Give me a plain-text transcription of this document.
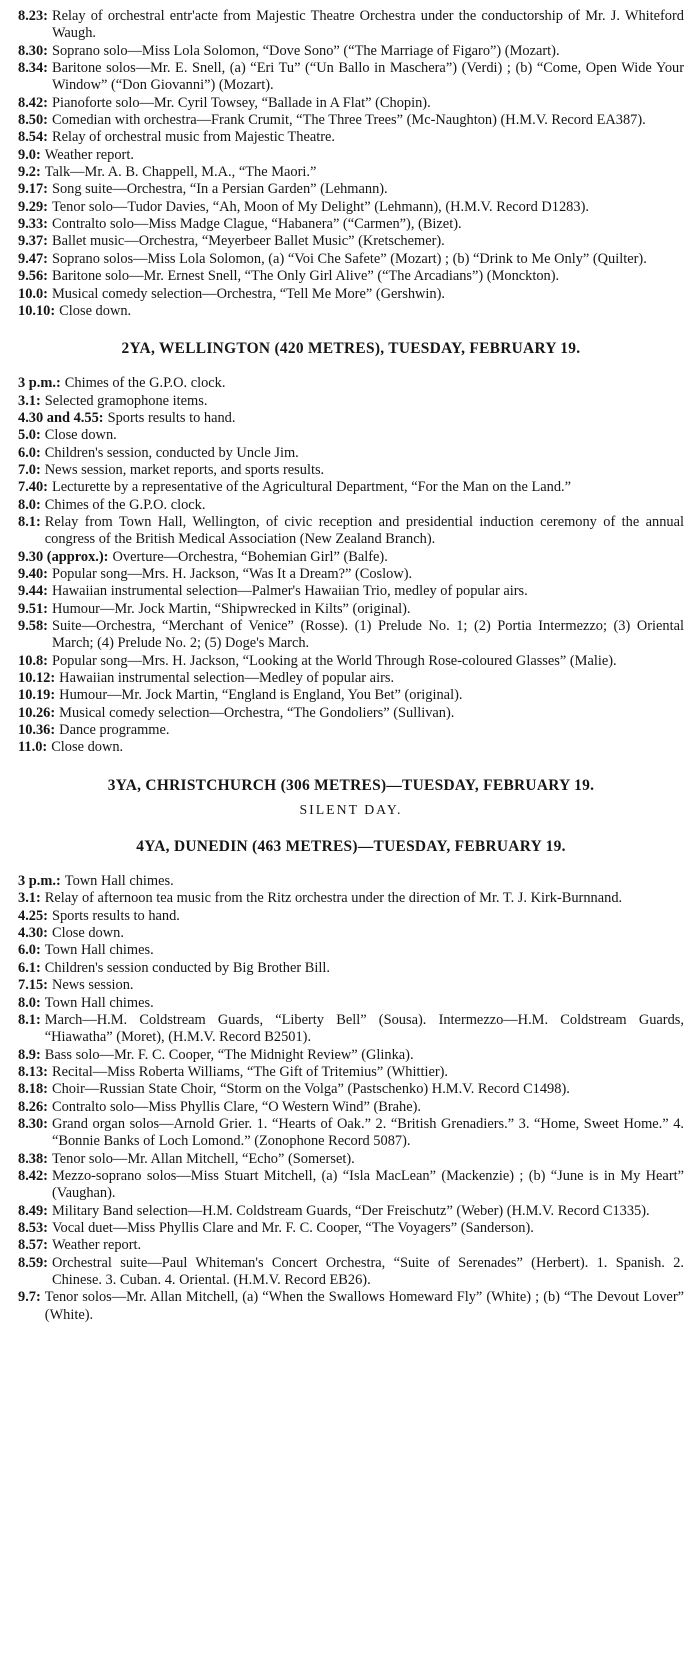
8.23: Relay of orchestral entr'acte from Majestic Theatre Orchestra under the conductorship of Mr. J. Whiteford Waugh.
8.30: Soprano solo—Miss Lola Solomon, “Dove Sono” (“The Marriage of Figaro”) (Mozart).
8.34: Baritone solos—Mr. E. Snell, (a) “Eri Tu” (“Un Ballo in Maschera”) (Verdi) ; (b) “Come, Open Wide Your Window” (“Don Giovanni”) (Mozart).
8.42: Pianoforte solo—Mr. Cyril Towsey, “Ballade in A Flat” (Chopin).
8.50: Comedian with orchestra—Frank Crumit, “The Three Trees” (Mc-Naughton) (H.M.V. Record EA387).
8.54: Relay of orchestral music from Majestic Theatre.
9.0: Weather report.
9.2: Talk—Mr. A. B. Chappell, M.A., “The Maori.”
9.17: Song suite—Orchestra, “In a Persian Garden” (Lehmann).
9.29: Tenor solo—Tudor Davies, “Ah, Moon of My Delight” (Lehmann), (H.M.V. Record D1283).
9.33: Contralto solo—Miss Madge Clague, “Habanera” (“Carmen”), (Bizet).
9.37: Ballet music—Orchestra, “Meyerbeer Ballet Music” (Kretschemer).
9.47: Soprano solos—Miss Lola Solomon, (a) “Voi Che Safete” (Mozart) ; (b) “Drink to Me Only” (Quilter).
9.56: Baritone solo—Mr. Ernest Snell, “The Only Girl Alive” (“The Arcadians”) (Monckton).
10.0: Musical comedy selection—Orchestra, “Tell Me More” (Gershwin).
10.10: Close down.
2YA, WELLINGTON (420 METRES), TUESDAY, FEBRUARY 19.
3 p.m.: Chimes of the G.P.O. clock.
3.1: Selected gramophone items.
4.30 and 4.55: Sports results to hand.
5.0: Close down.
6.0: Children's session, conducted by Uncle Jim.
7.0: News session, market reports, and sports results.
7.40: Lecturette by a representative of the Agricultural Department, “For the Man on the Land.”
8.0: Chimes of the G.P.O. clock.
8.1: Relay from Town Hall, Wellington, of civic reception and presidential induction ceremony of the annual congress of the British Medical Association (New Zealand Branch).
9.30 (approx.): Overture—Orchestra, “Bohemian Girl” (Balfe).
9.40: Popular song—Mrs. H. Jackson, “Was It a Dream?” (Coslow).
9.44: Hawaiian instrumental selection—Palmer's Hawaiian Trio, medley of popular airs.
9.51: Humour—Mr. Jock Martin, “Shipwrecked in Kilts” (original).
9.58: Suite—Orchestra, “Merchant of Venice” (Rosse). (1) Prelude No. 1; (2) Portia Intermezzo; (3) Oriental March; (4) Prelude No. 2; (5) Doge's March.
10.8: Popular song—Mrs. H. Jackson, “Looking at the World Through Rose-coloured Glasses” (Malie).
10.12: Hawaiian instrumental selection—Medley of popular airs.
10.19: Humour—Mr. Jock Martin, “England is England, You Bet” (original).
10.26: Musical comedy selection—Orchestra, “The Gondoliers” (Sullivan).
10.36: Dance programme.
11.0: Close down.
3YA, CHRISTCHURCH (306 METRES)—TUESDAY, FEBRUARY 19.
SILENT DAY.
4YA, DUNEDIN (463 METRES)—TUESDAY, FEBRUARY 19.
3 p.m.: Town Hall chimes.
3.1: Relay of afternoon tea music from the Ritz orchestra under the direction of Mr. T. J. Kirk-Burnnand.
4.25: Sports results to hand.
4.30: Close down.
6.0: Town Hall chimes.
6.1: Children's session conducted by Big Brother Bill.
7.15: News session.
8.0: Town Hall chimes.
8.1: March—H.M. Coldstream Guards, “Liberty Bell” (Sousa). Intermezzo—H.M. Coldstream Guards, “Hiawatha” (Moret), (H.M.V. Record B2501).
8.9: Bass solo—Mr. F. C. Cooper, “The Midnight Review” (Glinka).
8.13: Recital—Miss Roberta Williams, “The Gift of Tritemius” (Whittier).
8.18: Choir—Russian State Choir, “Storm on the Volga” (Pastschenko) H.M.V. Record C1498).
8.26: Contralto solo—Miss Phyllis Clare, “O Western Wind” (Brahe).
8.30: Grand organ solos—Arnold Grier. 1. “Hearts of Oak.” 2. “British Grenadiers.” 3. “Home, Sweet Home.” 4. “Bonnie Banks of Loch Lomond.” (Zonophone Record 5087).
8.38: Tenor solo—Mr. Allan Mitchell, “Echo” (Somerset).
8.42: Mezzo-soprano solos—Miss Stuart Mitchell, (a) “Isla MacLean” (Mackenzie) ; (b) “June is in My Heart” (Vaughan).
8.49: Military Band selection—H.M. Coldstream Guards, “Der Freischutz” (Weber) (H.M.V. Record C1335).
8.53: Vocal duet—Miss Phyllis Clare and Mr. F. C. Cooper, “The Voyagers” (Sanderson).
8.57: Weather report.
8.59: Orchestral suite—Paul Whiteman's Concert Orchestra, “Suite of Serenades” (Herbert). 1. Spanish. 2. Chinese. 3. Cuban. 4. Oriental. (H.M.V. Record EB26).
9.7: Tenor solos—Mr. Allan Mitchell, (a) “When the Swallows Homeward Fly” (White) ; (b) “The Devout Lover” (White).
